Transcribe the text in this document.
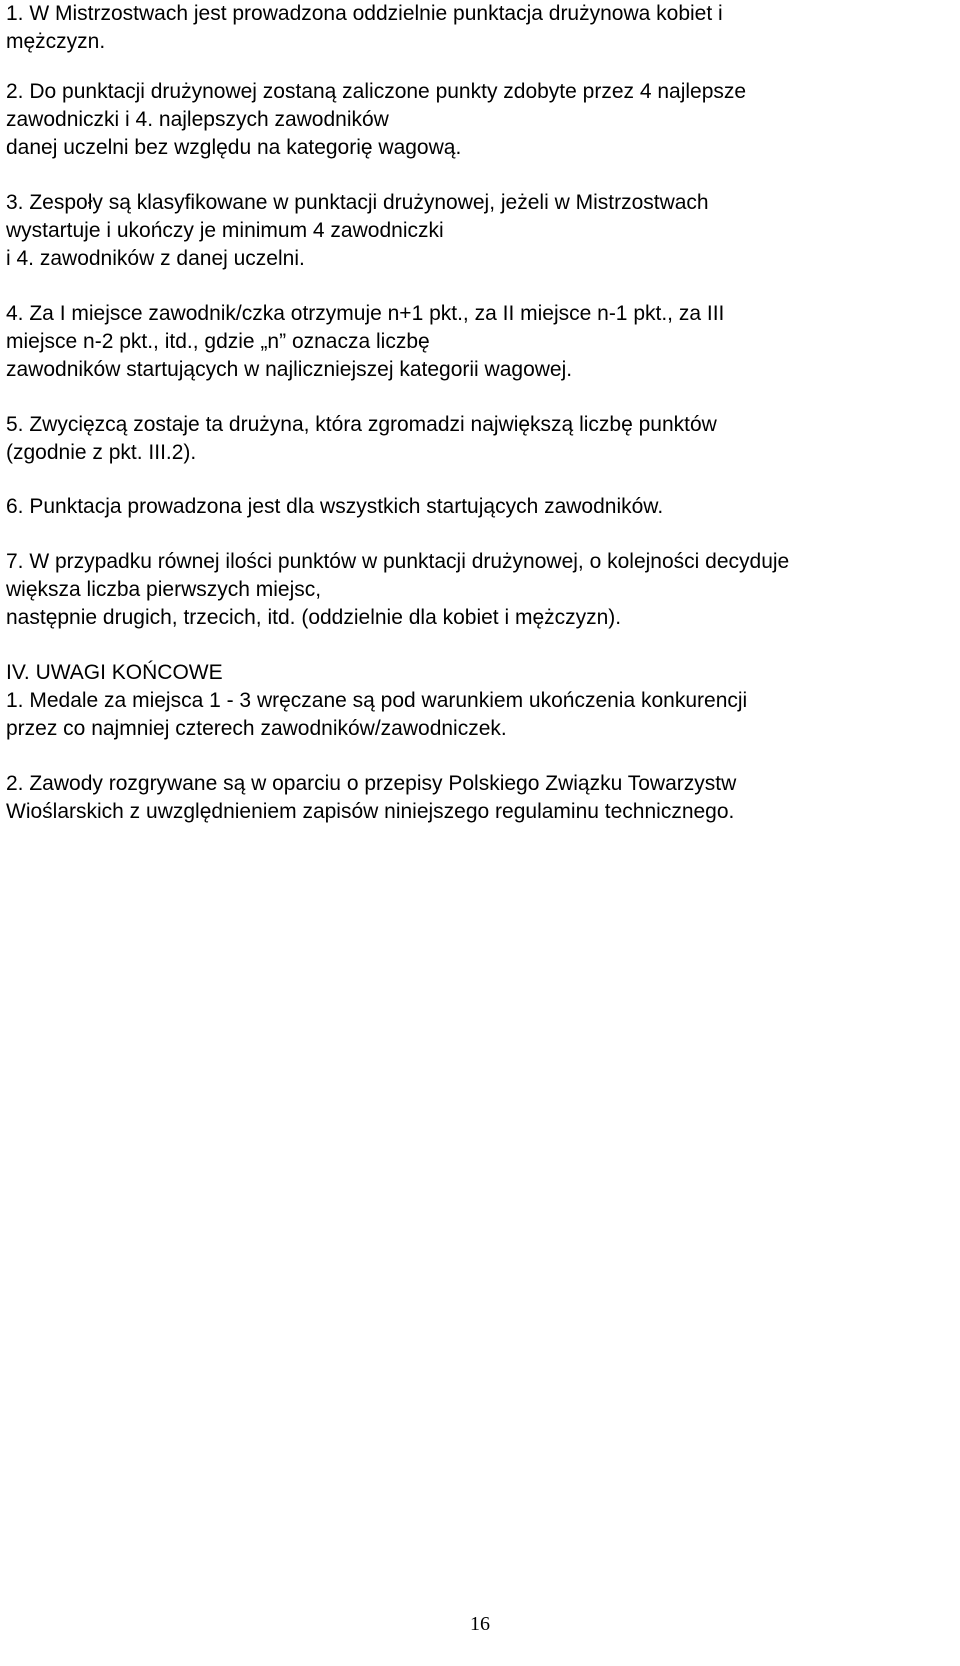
1. W Mistrzostwach jest prowadzona oddzielnie punktacja drużynowa kobiet i
mężczyzn.
2. Do punktacji drużynowej zostaną zaliczone punkty zdobyte przez 4 najlepsze
zawodniczki i 4. najlepszych zawodników
danej uczelni bez względu na kategorię wagową.
3. Zespoły są klasyfikowane w punktacji drużynowej, jeżeli w Mistrzostwach
wystartuje i ukończy je minimum 4 zawodniczki
i 4. zawodników z danej uczelni.
4. Za I miejsce zawodnik/czka otrzymuje n+1 pkt., za II miejsce n-1 pkt., za III
miejsce n-2 pkt., itd., gdzie „n” oznacza liczbę
zawodników startujących w najliczniejszej kategorii wagowej.
5. Zwycięzcą zostaje ta drużyna, która zgromadzi największą liczbę punktów
(zgodnie z pkt. III.2).
6. Punktacja prowadzona jest dla wszystkich startujących zawodników.
7. W przypadku równej ilości punktów w punktacji drużynowej, o kolejności decyduje
większa liczba pierwszych miejsc,
następnie drugich, trzecich, itd. (oddzielnie dla kobiet i mężczyzn).
IV. UWAGI KOŃCOWE
1. Medale za miejsca 1 - 3 wręczane są pod warunkiem ukończenia konkurencji
przez co najmniej czterech zawodników/zawodniczek.
2. Zawody rozgrywane są w oparciu o przepisy Polskiego Związku Towarzystw
Wioślarskich z uwzględnieniem zapisów niniejszego regulaminu technicznego.
16
